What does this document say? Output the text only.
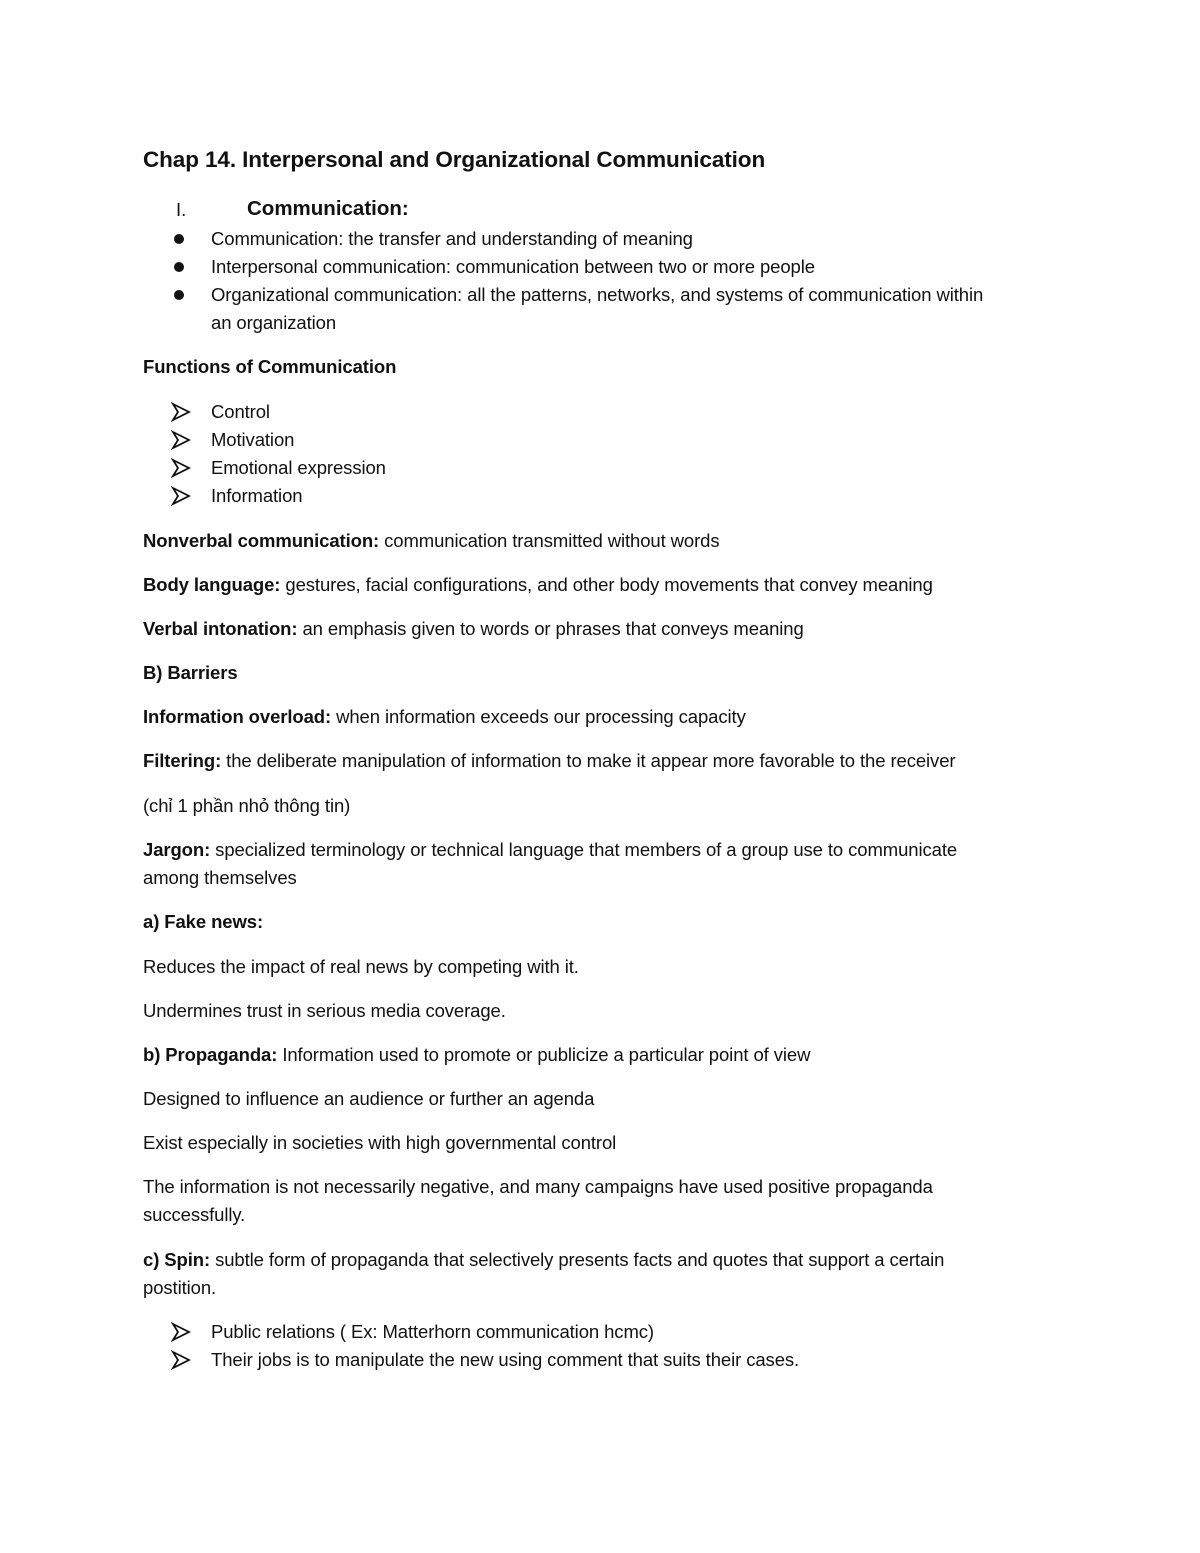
Chap 14. Interpersonal and Organizational Communication
I.	Communication:
Communication: the transfer and understanding of meaning
Interpersonal communication: communication between two or more people
Organizational communication: all the patterns, networks, and systems of communication within
an organization
Functions of Communication
Control
Motivation
Emotional expression
Information
Nonverbal communication: communication transmitted without words
Body language: gestures, facial configurations, and other body movements that convey meaning
Verbal intonation: an emphasis given to words or phrases that conveys meaning
B) Barriers
Information overload: when information exceeds our processing capacity
Filtering: the deliberate manipulation of information to make it appear more favorable to the receiver
(chỉ 1 phần nhỏ thông tin)
Jargon: specialized terminology or technical language that members of a group use to communicate
among themselves
a) Fake news:
Reduces the impact of real news by competing with it.
Undermines trust in serious media coverage.
b) Propaganda: Information used to promote or publicize a particular point of view
Designed to influence an audience or further an agenda
Exist especially in societies with high governmental control
The information is not necessarily negative, and many campaigns have used positive propaganda
successfully.
c) Spin: subtle form of propaganda that selectively presents facts and quotes that support a certain
postition.
Public relations ( Ex: Matterhorn communication hcmc)
Their jobs is to manipulate the new using comment that suits their cases.
